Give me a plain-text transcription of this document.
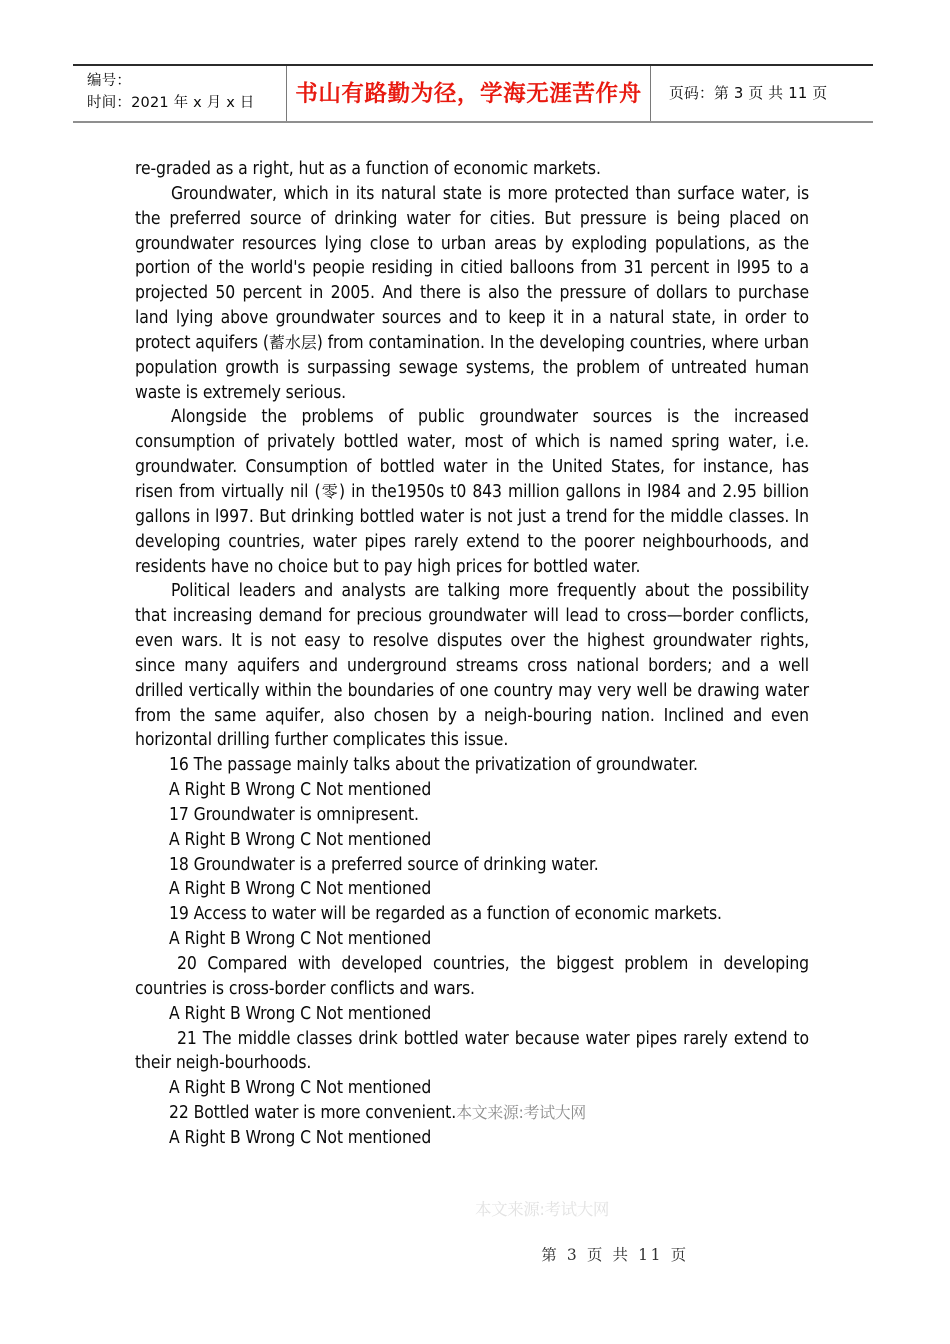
编号：
时间：2021 年 x 月 x 日	书山有路勤为径，学海无涯苦作舟 页码：第 3 页 共 11 页

re-graded as a right, hut as a function of economic markets.

Groundwater, which in its natural state is more protected than surface water, is the preferred source of drinking water for cities. But pressure is being placed on groundwater resources lying close to urban areas by exploding populations, as the portion of the world's peopie residing in citied balloons from 31 percent in l995 to a projected 50 percent in 2005. And there is also the pressure of dollars to purchase land lying above groundwater sources and to keep it in a natural state, in order to protect aquifers (蓄水层) from contamination. In the developing countries, where urban population growth is surpassing sewage systems, the problem of untreated human waste is extremely serious.

Alongside the problems of public groundwater sources is the increased consumption of privately bottled water, most of which is named spring water, i.e. groundwater. Consumption of bottled water in the United States, for instance, has risen from virtually nil (零) in the1950s t0 843 million gallons in l984 and 2.95 billion gallons in l997. But drinking bottled water is not just a trend for the middle classes. In developing countries, water pipes rarely extend to the poorer neighbourhoods, and residents have no choice but to pay high prices for bottled water.

Political leaders and analysts are talking more frequently about the possibility that increasing demand for precious groundwater will lead to cross—border conflicts, even wars. It is not easy to resolve disputes over the highest groundwater rights, since many aquifers and underground streams cross national borders; and a well drilled vertically within the boundaries of one country may very well be drawing water from the same aquifer, also chosen by a neigh-bouring nation. Inclined and even horizontal drilling further complicates this issue.

16 The passage mainly talks about the privatization of groundwater.

A Right B Wrong C Not mentioned

17 Groundwater is omnipresent.

A Right B Wrong C Not mentioned

18 Groundwater is a preferred source of drinking water.

A Right B Wrong C Not mentioned

19 Access to water will be regarded as a function of economic markets.

A Right B Wrong C Not mentioned

20 Compared with developed countries, the biggest problem in developing countries is cross-border conflicts and wars.

A Right B Wrong C Not mentioned

21 The middle classes drink bottled water because water pipes rarely extend to their neigh-bourhoods.

A Right B Wrong C Not mentioned

22 Bottled water is more convenient.本文来源:考试大网

A Right B Wrong C Not mentioned

本文来源:考试大网
第 3 页 共 11 页
